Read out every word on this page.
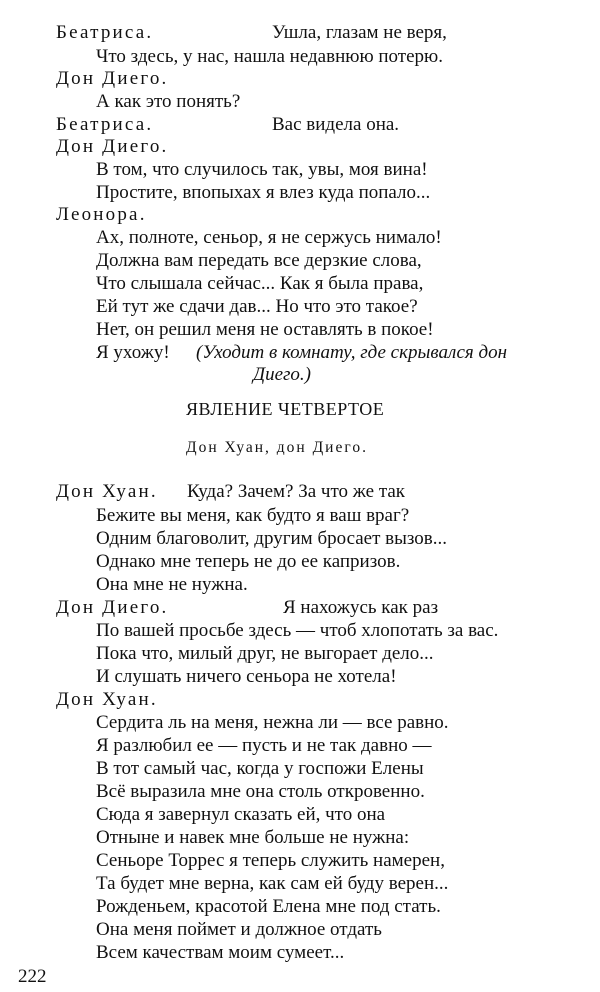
Беатриса.	Ушла, глазам не веря,
Что здесь, у нас, нашла недавнюю потерю.
Дон Диего.
А как это понять?
Беатриса.	Вас видела она.
Дон Диего.
В том, что случилось так, увы, моя вина!
Простите, впопыхах я влез куда попало...
Леонора.
Ах, полноте, сеньор, я не сержусь нимало!
Должна вам передать все дерзкие слова,
Что слышала сейчас... Как я была права,
Ей тут же сдачи дав... Но что это такое?
Нет, он решил меня не оставлять в покое!
Я ухожу! (Уходит в комнату, где скрывался дон
Диего.)
ЯВЛЕНИЕ ЧЕТВЕРТОЕ
Дон Хуан, дон Диего.
Дон Хуан. Куда? Зачем? За что же так
Бежите вы меня, как будто я ваш враг?
Одним благоволит, другим бросает вызов...
Однако мне теперь не до ее капризов.
Она мне не нужна.
Дон Диего.	Я нахожусь как раз
По вашей просьбе здесь — чтоб хлопотать за вас.
Пока что, милый друг, не выгорает дело...
И слушать ничего сеньора не хотела!
Дон Хуан.
Сердита ль на меня, нежна ли — все равно.
Я разлюбил ее — пусть и не так давно —
В тот самый час, когда у госпожи Елены
Всё выразила мне она столь откровенно.
Сюда я завернул сказать ей, что она
Отныне и навек мне больше не нужна:
Сеньоре Торрес я теперь служить намерен,
Та будет мне верна, как сам ей буду верен...
Рожденьем, красотой Елена мне под стать.
Она меня поймет и должное отдать
Всем качествам моим сумеет...
222
